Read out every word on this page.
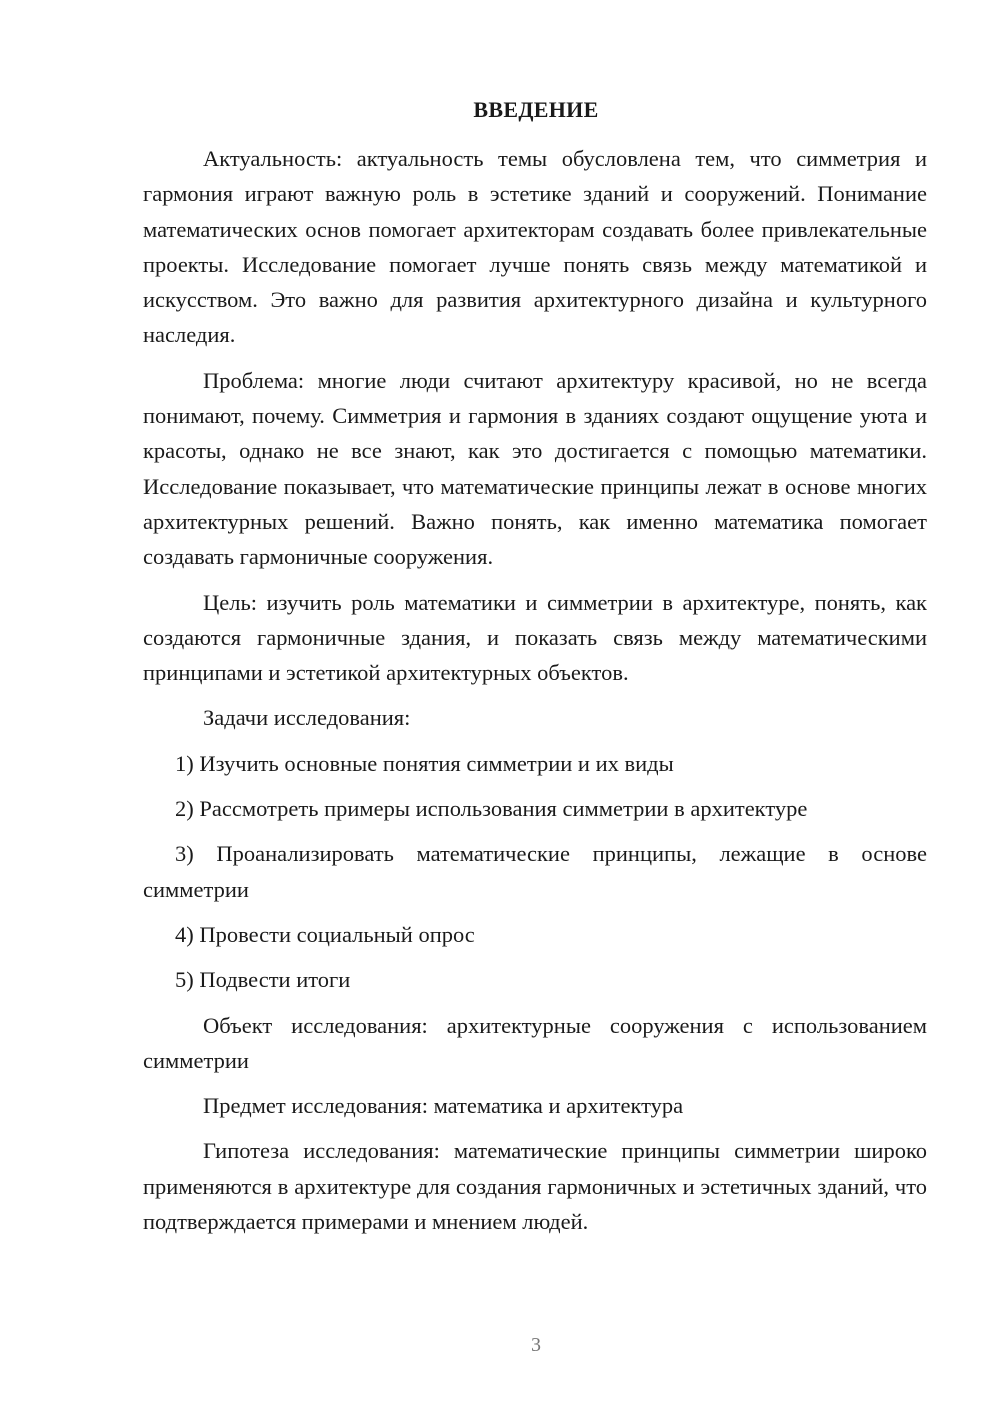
ВВЕДЕНИЕ

Актуальность: актуальность темы обусловлена тем, что симметрия и гармония играют важную роль в эстетике зданий и сооружений. Понимание математических основ помогает архитекторам создавать более привлекательные проекты. Исследование помогает лучше понять связь между математикой и искусством. Это важно для развития архитектурного дизайна и культурного наследия.

Проблема: многие люди считают архитектуру красивой, но не всегда понимают, почему. Симметрия и гармония в зданиях создают ощущение уюта и красоты, однако не все знают, как это достигается с помощью математики. Исследование показывает, что математические принципы лежат в основе многих архитектурных решений. Важно понять, как именно математика помогает создавать гармоничные сооружения.

Цель: изучить роль математики и симметрии в архитектуре, понять, как создаются гармоничные здания, и показать связь между математическими принципами и эстетикой архитектурных объектов.

Задачи исследования:

1) Изучить основные понятия симметрии и их виды

2) Рассмотреть примеры использования симметрии в архитектуре

3) Проанализировать математические принципы, лежащие в основе симметрии

4) Провести социальный опрос

5) Подвести итоги

Объект исследования: архитектурные сооружения с использованием симметрии

Предмет исследования: математика и архитектура

Гипотеза исследования: математические принципы симметрии широко применяются в архитектуре для создания гармоничных и эстетичных зданий, что подтверждается примерами и мнением людей.

3
